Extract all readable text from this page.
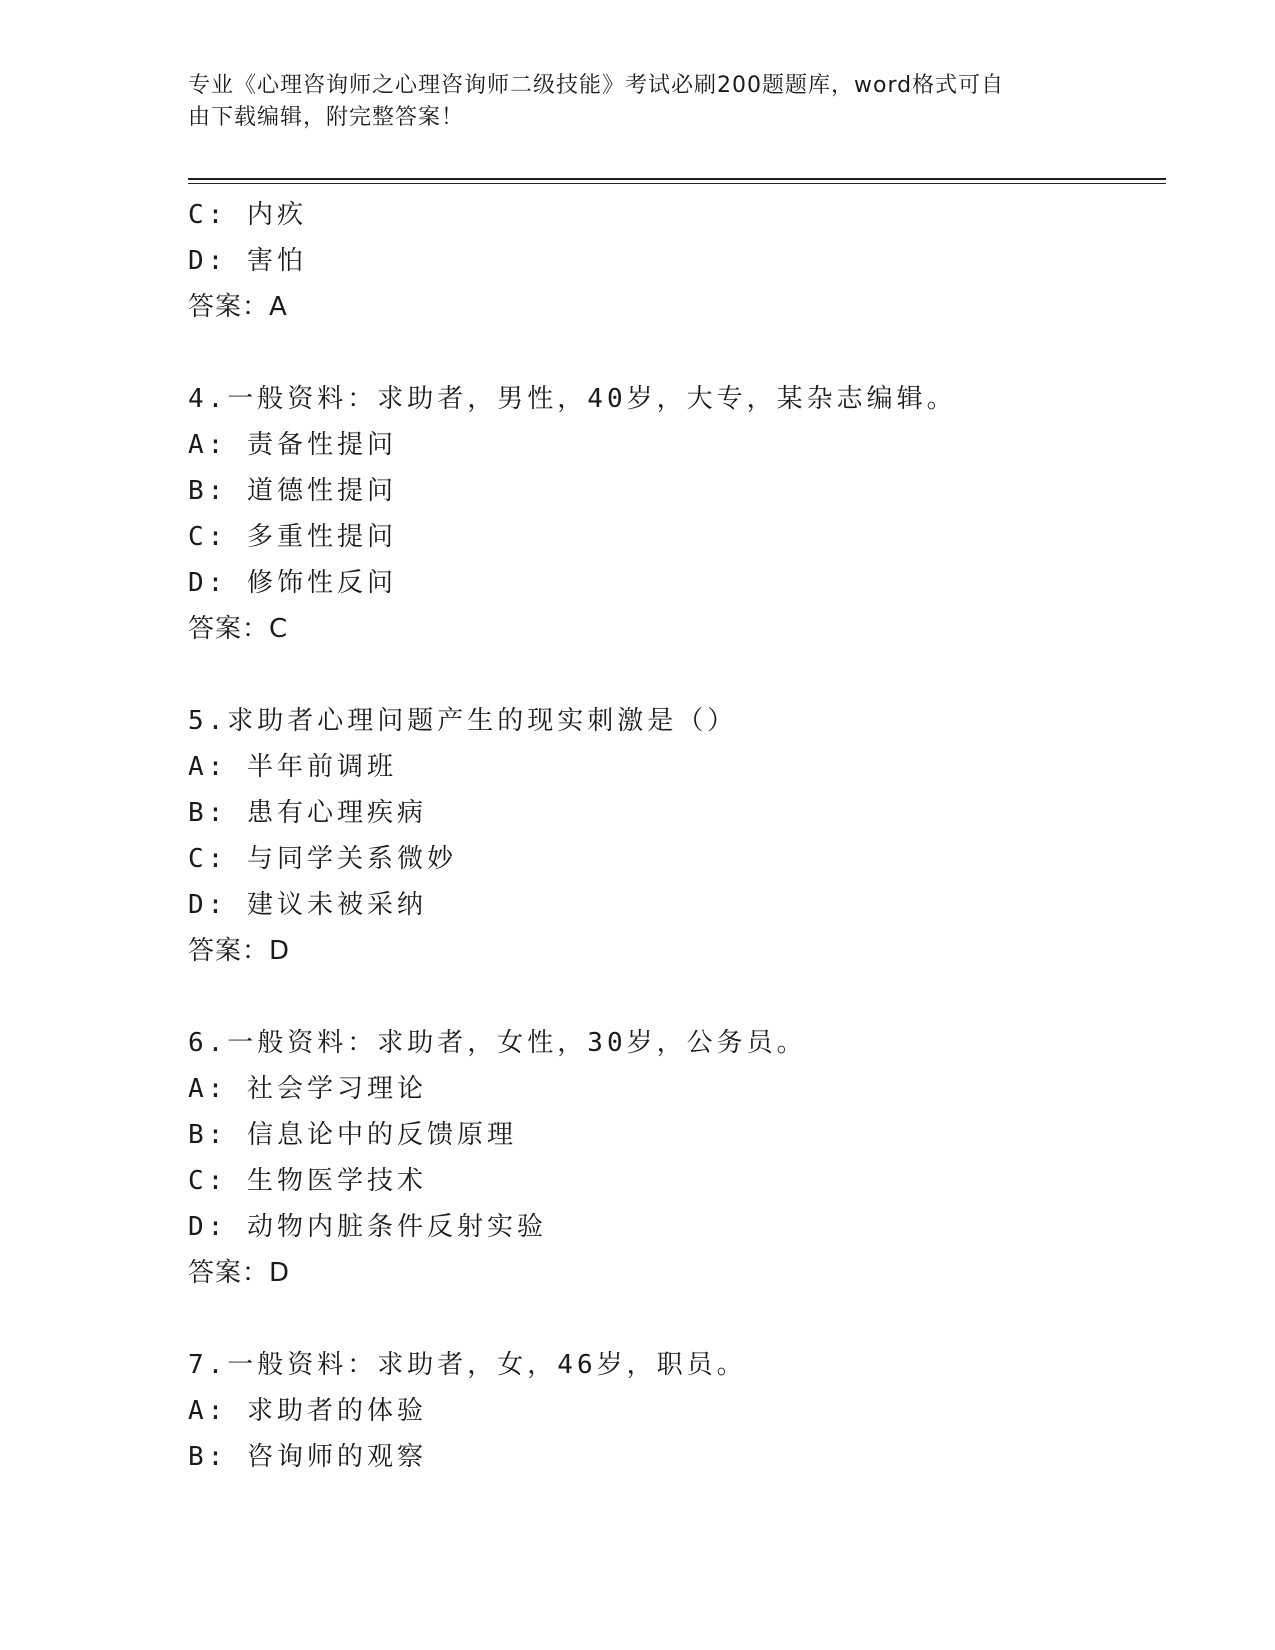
专业《心理咨询师之心理咨询师二级技能》考试必刷200题题库，word格式可自
由下载编辑，附完整答案！
C: 内疚
D: 害怕
答案：A
4.一般资料：求助者，男性，40岁，大专，某杂志编辑。
A: 责备性提问
B: 道德性提问
C: 多重性提问
D: 修饰性反问
答案：C
5.求助者心理问题产生的现实刺激是（）
A: 半年前调班
B: 患有心理疾病
C: 与同学关系微妙
D: 建议未被采纳
答案：D
6.一般资料：求助者，女性，30岁，公务员。
A: 社会学习理论
B: 信息论中的反馈原理
C: 生物医学技术
D: 动物内脏条件反射实验
答案：D
7.一般资料：求助者，女，46岁，职员。
A: 求助者的体验
B: 咨询师的观察
